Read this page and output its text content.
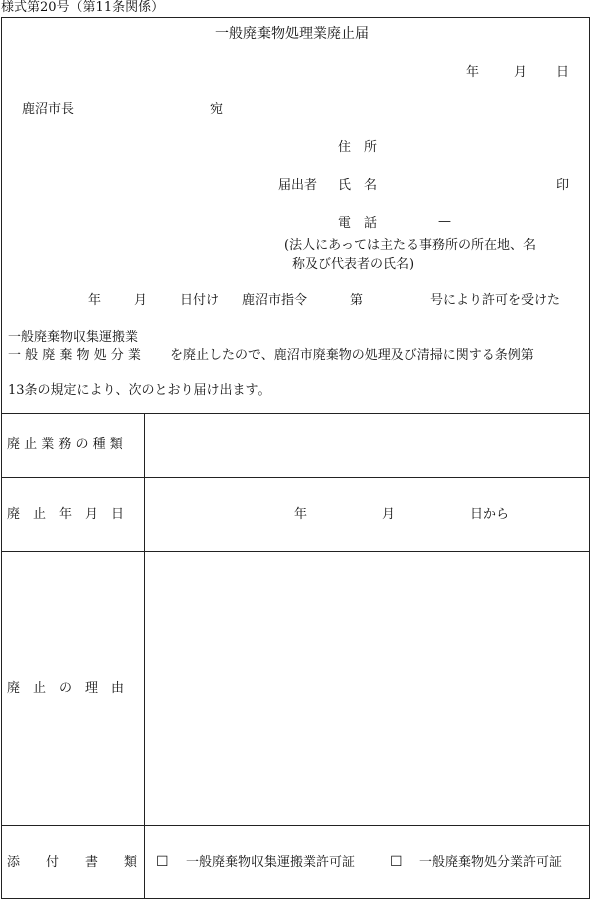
様式第20号（第11条関係）
一般廃棄物処理業廃止届
年	月 日
鹿沼市長	宛
住　所
届出者 氏　名	印
電　話	—
(法人にあっては主たる事務所の所在地、名
称及び代表者の氏名)
年	月	日付け 鹿沼市指令	第	号により許可を受けた
一般廃棄物収集運搬業
一 般 廃 棄 物 処 分 業 を廃止したので、鹿沼市廃棄物の処理及び清掃に関する条例第
13条の規定により、次のとおり届け出ます。
廃 止 業 務 の 種 類
廃　止　年　月　日	年	月	日から
廃　止　の　理　由
添　　付　　書　　類 ☐ 一般廃棄物収集運搬業許可証 ☐ 一般廃棄物処分業許可証
